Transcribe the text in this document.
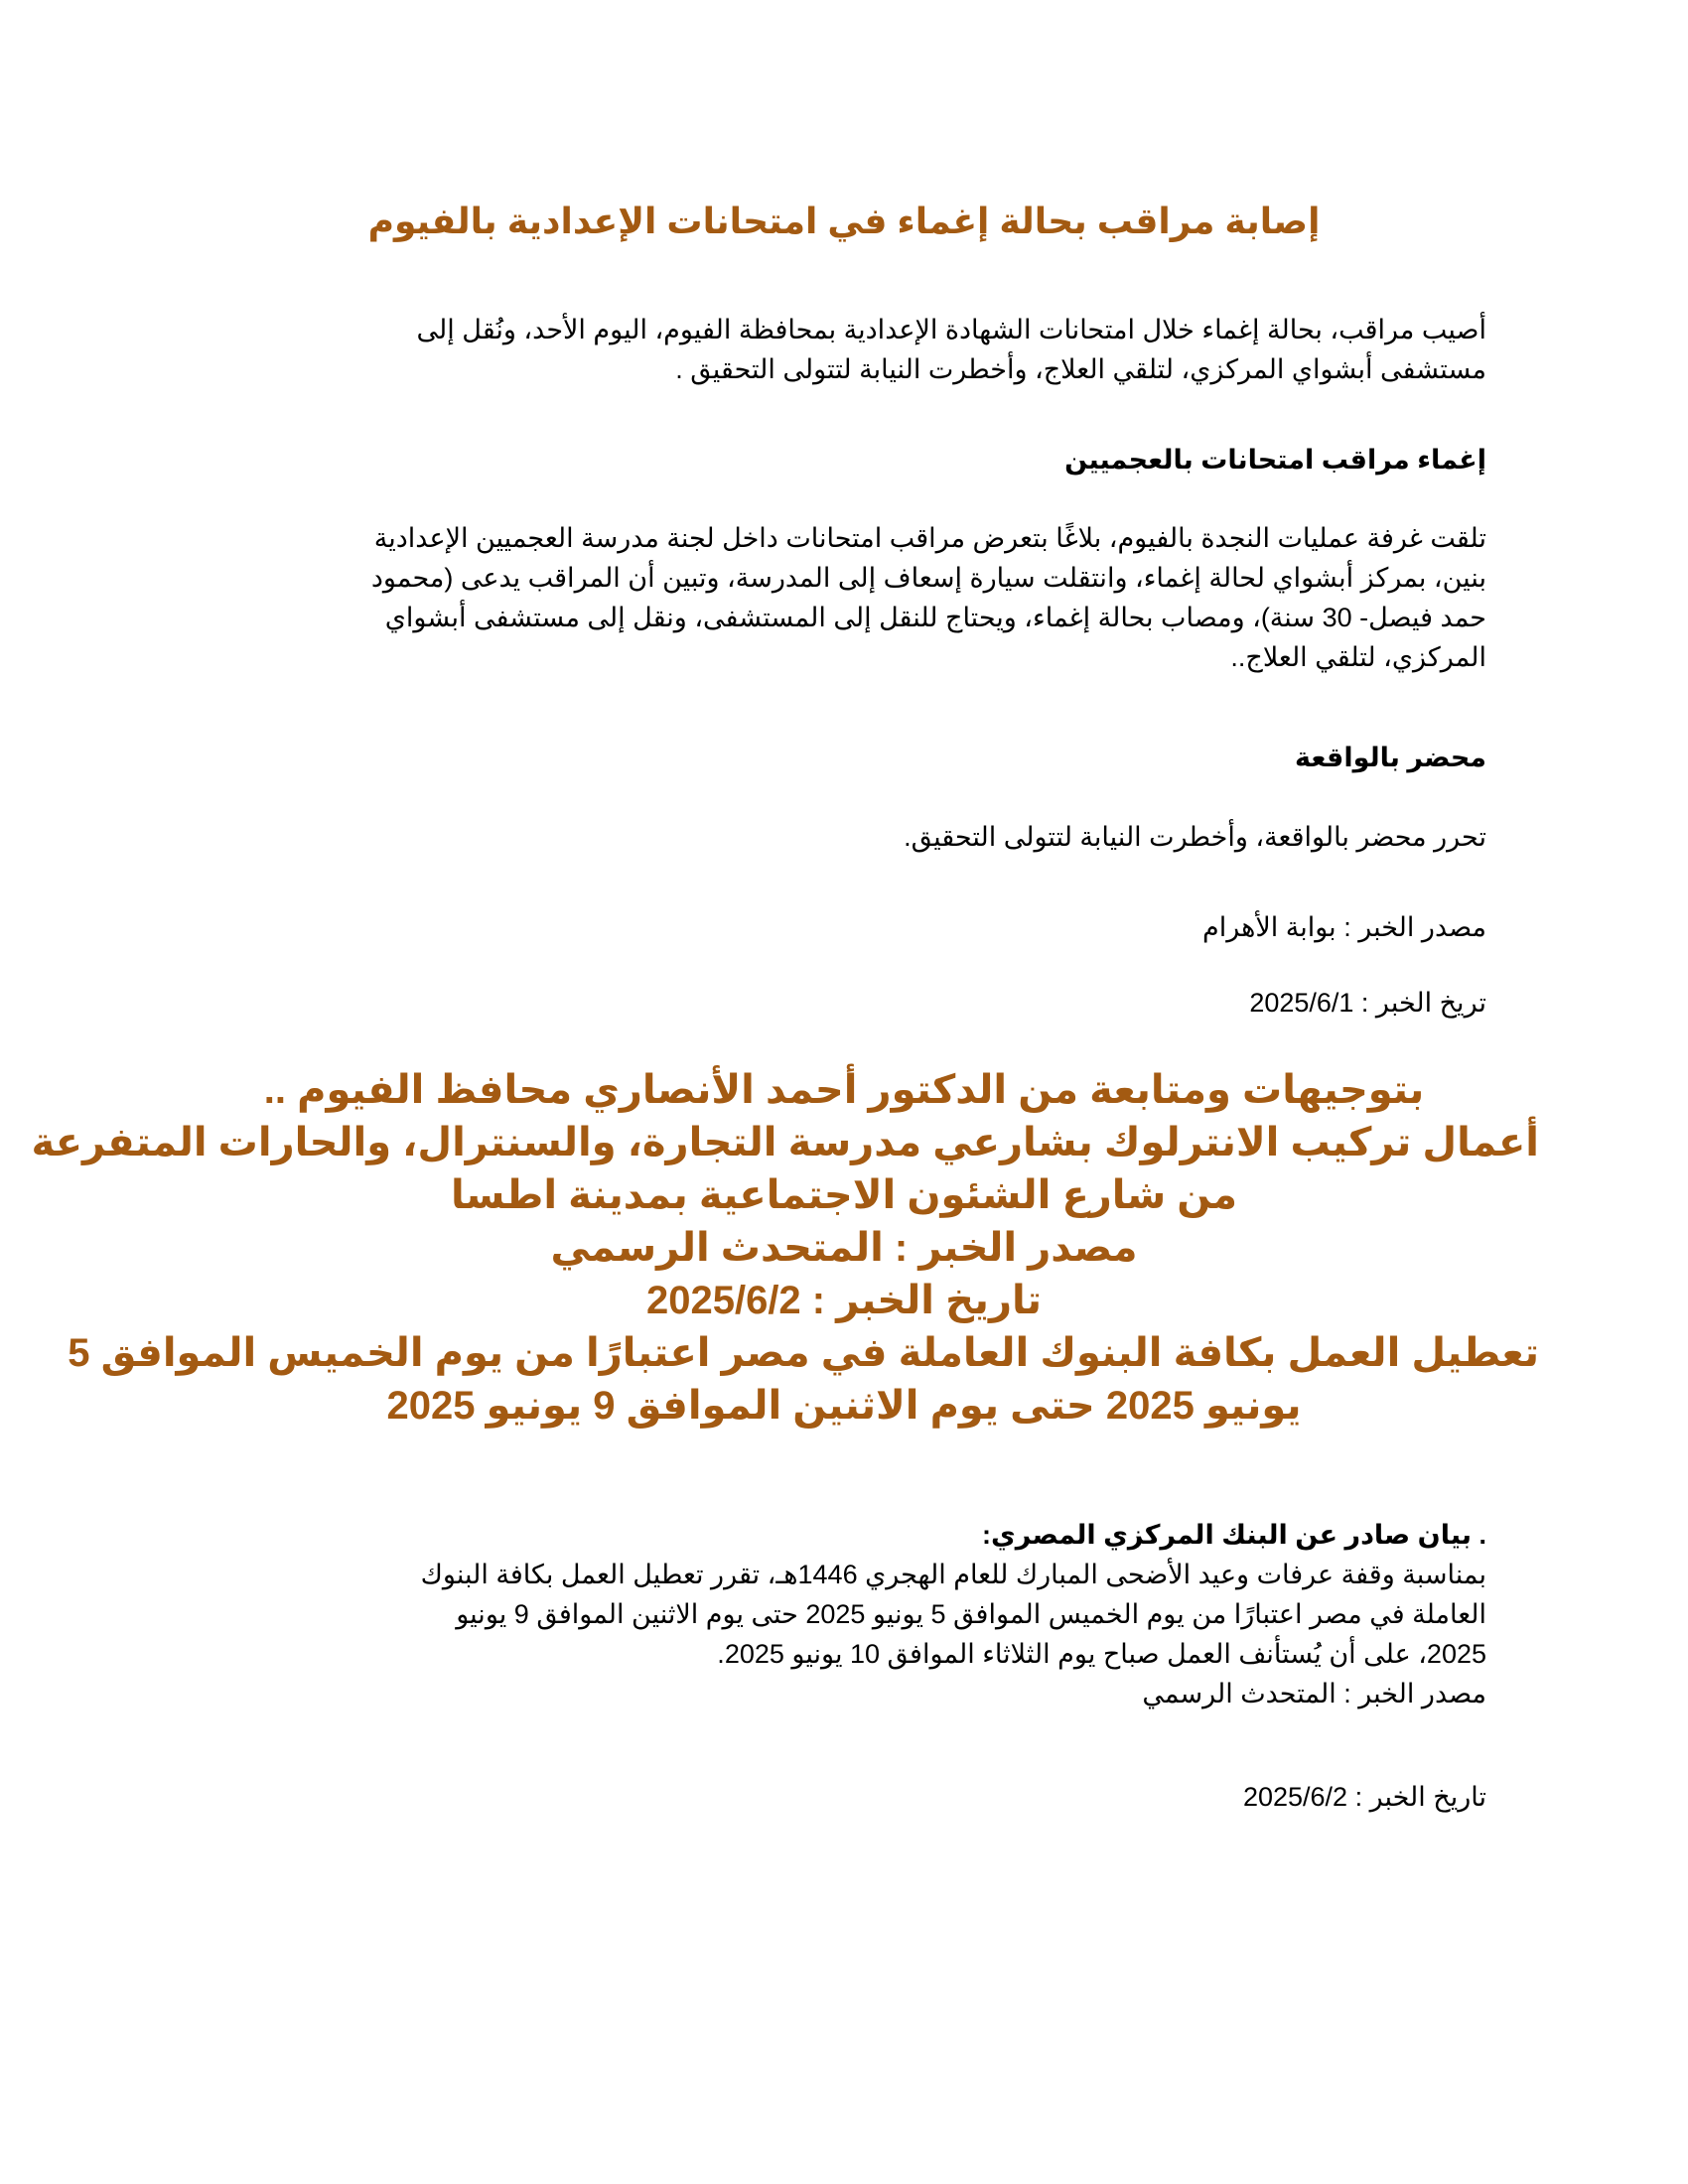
إصابة مراقب بحالة إغماء في امتحانات الإعدادية بالفيوم
أصيب مراقب، بحالة إغماء خلال امتحانات الشهادة الإعدادية بمحافظة الفيوم، اليوم الأحد، ونُقل إلى
مستشفى أبشواي المركزي، لتلقي العلاج، وأخطرت النيابة لتتولى التحقيق .
إغماء مراقب امتحانات بالعجميين
تلقت غرفة عمليات النجدة بالفيوم، بلاغًا بتعرض مراقب امتحانات داخل لجنة مدرسة العجميين الإعدادية
بنين، بمركز أبشواي لحالة إغماء، وانتقلت سيارة إسعاف إلى المدرسة، وتبين أن المراقب يدعى (محمود
حمد فيصل- 30 سنة)، ومصاب بحالة إغماء، ويحتاج للنقل إلى المستشفى، ونقل إلى مستشفى أبشواي
المركزي، لتلقي العلاج..
محضر بالواقعة
تحرر محضر بالواقعة، وأخطرت النيابة لتتولى التحقيق.
مصدر الخبر : بوابة الأهرام
تريخ الخبر : 2025/6/1
بتوجيهات ومتابعة من الدكتور أحمد الأنصاري محافظ الفيوم ..
أعمال تركيب الانترلوك بشارعي مدرسة التجارة، والسنترال، والحارات المتفرعة
من شارع الشئون الاجتماعية بمدينة اطسا
مصدر الخبر : المتحدث الرسمي
تاريخ الخبر : 2025/6/2
تعطيل العمل بكافة البنوك العاملة في مصر اعتبارًا من يوم الخميس الموافق 5
يونيو 2025 حتى يوم الاثنين الموافق 9 يونيو 2025
. بيان صادر عن البنك المركزي المصري:
بمناسبة وقفة عرفات وعيد الأضحى المبارك للعام الهجري 1446هـ، تقرر تعطيل العمل بكافة البنوك
العاملة في مصر اعتبارًا من يوم الخميس الموافق 5 يونيو 2025 حتى يوم الاثنين الموافق 9 يونيو
2025، على أن يُستأنف العمل صباح يوم الثلاثاء الموافق 10 يونيو 2025.
مصدر الخبر : المتحدث الرسمي
تاريخ الخبر : 2025/6/2
